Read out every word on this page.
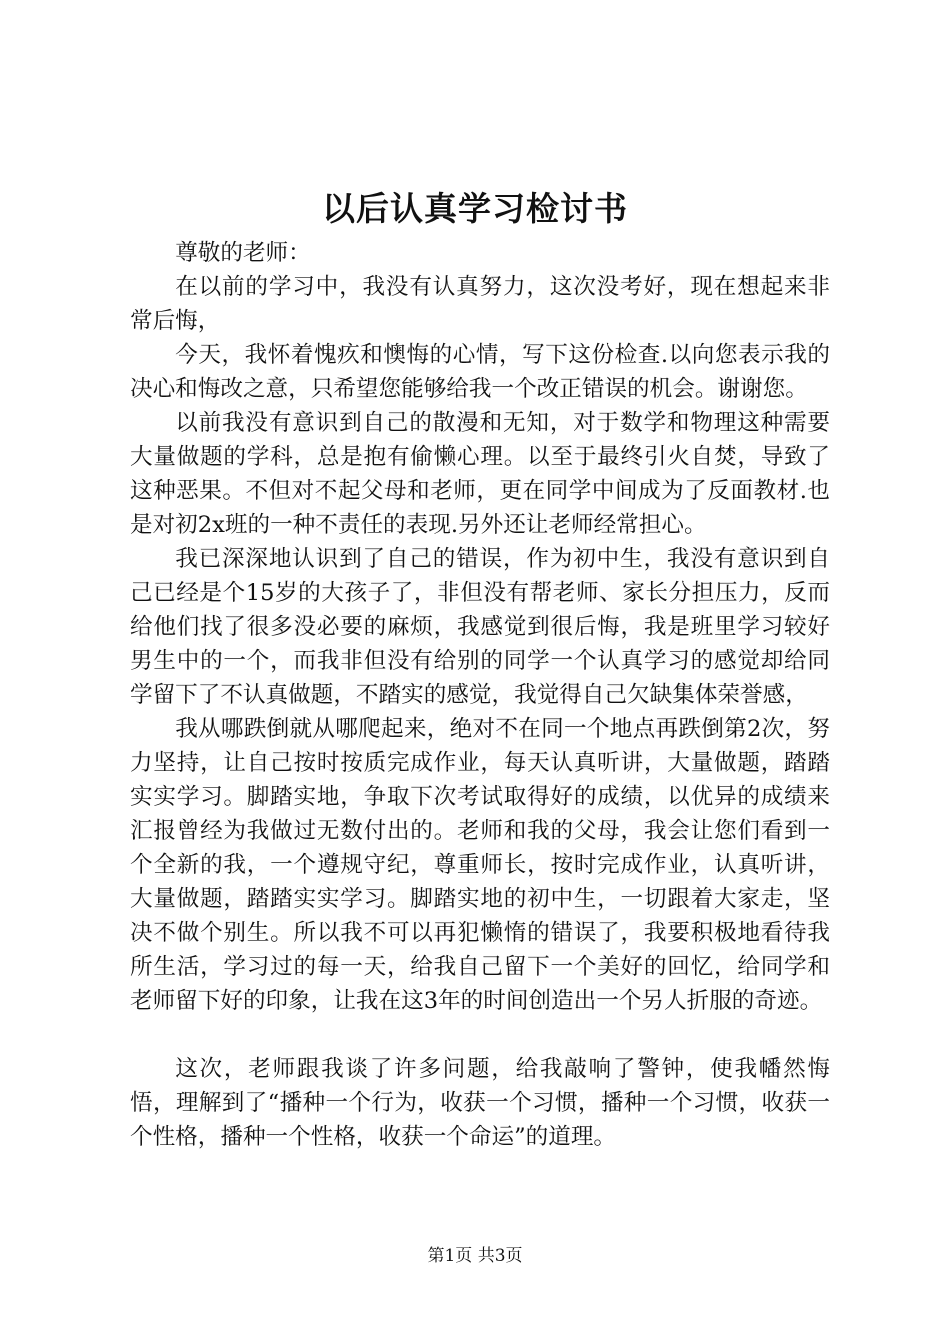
以后认真学习检讨书

尊敬的老师：

在以前的学习中，我没有认真努力，这次没考好，现在想起来非常后悔，

今天，我怀着愧疚和懊悔的心情，写下这份检查.以向您表示我的决心和悔改之意，只希望您能够给我一个改正错误的机会。谢谢您。

以前我没有意识到自己的散漫和无知，对于数学和物理这种需要大量做题的学科，总是抱有偷懒心理。以至于最终引火自焚，导致了这种恶果。不但对不起父母和老师，更在同学中间成为了反面教材.也是对初2x班的一种不责任的表现.另外还让老师经常担心。

我已深深地认识到了自己的错误，作为初中生，我没有意识到自己已经是个15岁的大孩子了，非但没有帮老师、家长分担压力，反而给他们找了很多没必要的麻烦，我感觉到很后悔，我是班里学习较好男生中的一个，而我非但没有给别的同学一个认真学习的感觉却给同学留下了不认真做题，不踏实的感觉，我觉得自己欠缺集体荣誉感，

我从哪跌倒就从哪爬起来，绝对不在同一个地点再跌倒第2次，努力坚持，让自己按时按质完成作业，每天认真听讲，大量做题，踏踏实实学习。脚踏实地，争取下次考试取得好的成绩，以优异的成绩来汇报曾经为我做过无数付出的。老师和我的父母，我会让您们看到一个全新的我，一个遵规守纪，尊重师长，按时完成作业，认真听讲，大量做题，踏踏实实学习。脚踏实地的初中生，一切跟着大家走，坚决不做个别生。所以我不可以再犯懒惰的错误了，我要积极地看待我所生活，学习过的每一天，给我自己留下一个美好的回忆，给同学和老师留下好的印象，让我在这3年的时间创造出一个另人折服的奇迹。

这次，老师跟我谈了许多问题，给我敲响了警钟，使我幡然悔悟，理解到了“播种一个行为，收获一个习惯，播种一个习惯，收获一个性格，播种一个性格，收获一个命运”的道理。

第1页 共3页
